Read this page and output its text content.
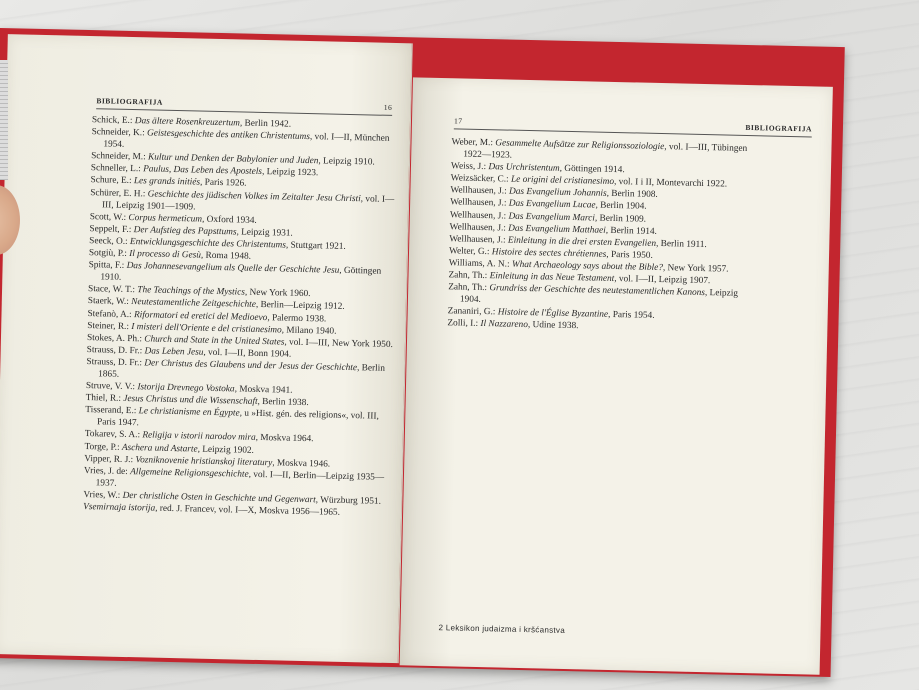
BIBLIOGRAFIJA
16

Schick, E.: Das ältere Rosenkreuzertum, Berlin 1942.

Schneider, K.: Geistesgeschichte des antiken Christentums, vol. I—II, München 1954.

Schneider, M.: Kultur und Denken der Babylonier und Juden, Leipzig 1910.

Schneller, L.: Paulus, Das Leben des Apostels, Leipzig 1923.

Schure, E.: Les grands initiés, Paris 1926.

Schürer, E. H.: Geschichte des jüdischen Volkes im Zeitalter Jesu Christi, vol. I—III, Leipzig 1901—1909.

Scott, W.: Corpus hermeticum, Oxford 1934.

Seppelt, F.: Der Aufstieg des Papsttums, Leipzig 1931.

Seeck, O.: Entwicklungsgeschichte des Christentums, Stuttgart 1921.

Sotgiù, P.: Il processo di Gesù, Roma 1948.

Spitta, F.: Das Johannesevangelium als Quelle der Geschichte Jesu, Göttingen 1910.

Stace, W. T.: The Teachings of the Mystics, New York 1960.

Staerk, W.: Neutestamentliche Zeitgeschichte, Berlin—Leipzig 1912.

Stefanò, A.: Riformatori ed eretici del Medioevo, Palermo 1938.

Steiner, R.: I misteri dell'Oriente e del cristianesimo, Milano 1940.

Stokes, A. Ph.: Church and State in the United States, vol. I—III, New York 1950.

Strauss, D. Fr.: Das Leben Jesu, vol. I—II, Bonn 1904.

Strauss, D. Fr.: Der Christus des Glaubens und der Jesus der Geschichte, Berlin 1865.

Struve, V. V.: Istorija Drevnego Vostoka, Moskva 1941.

Thiel, R.: Jesus Christus und die Wissenschaft, Berlin 1938.

Tisserand, E.: Le christianisme en Égypte, u »Hist. gén. des religions«, vol. III, Paris 1947.

Tokarev, S. A.: Religija v istorii narodov mira, Moskva 1964.

Torge, P.: Aschera und Astarte, Leipzig 1902.

Vipper, R. J.: Vozniknovenie hristianskoj literatury, Moskva 1946.

Vries, J. de: Allgemeine Religionsgeschichte, vol. I—II, Berlin—Leipzig 1935—1937.

Vries, W.: Der christliche Osten in Geschichte und Gegenwart, Würzburg 1951.

Vsemirnaja istorija, red. J. Francev, vol. I—X, Moskva 1956—1965.

17
BIBLIOGRAFIJA

Weber, M.: Gesammelte Aufsätze zur Religionssoziologie, vol. I—III, Tübingen 1922—1923.

Weiss, J.: Das Urchristentum, Göttingen 1914.

Weizsäcker, C.: Le origini del cristianesimo, vol. I i II, Montevarchi 1922.

Wellhausen, J.: Das Evangelium Johannis, Berlin 1908.

Wellhausen, J.: Das Evangelium Lucae, Berlin 1904.

Wellhausen, J.: Das Evangelium Marci, Berlin 1909.

Wellhausen, J.: Das Evangelium Matthaei, Berlin 1914.

Wellhausen, J.: Einleitung in die drei ersten Evangelien, Berlin 1911.

Welter, G.: Histoire des sectes chrétiennes, Paris 1950.

Williams, A. N.: What Archaeology says about the Bible?, New York 1957.

Zahn, Th.: Einleitung in das Neue Testament, vol. I—II, Leipzig 1907.

Zahn, Th.: Grundriss der Geschichte des neutestamentlichen Kanons, Leipzig 1904.

Zananiri, G.: Histoire de l'Église Byzantine, Paris 1954.

Zolli, I.: Il Nazzareno, Udine 1938.

2 Leksikon judaizma i kršćanstva
